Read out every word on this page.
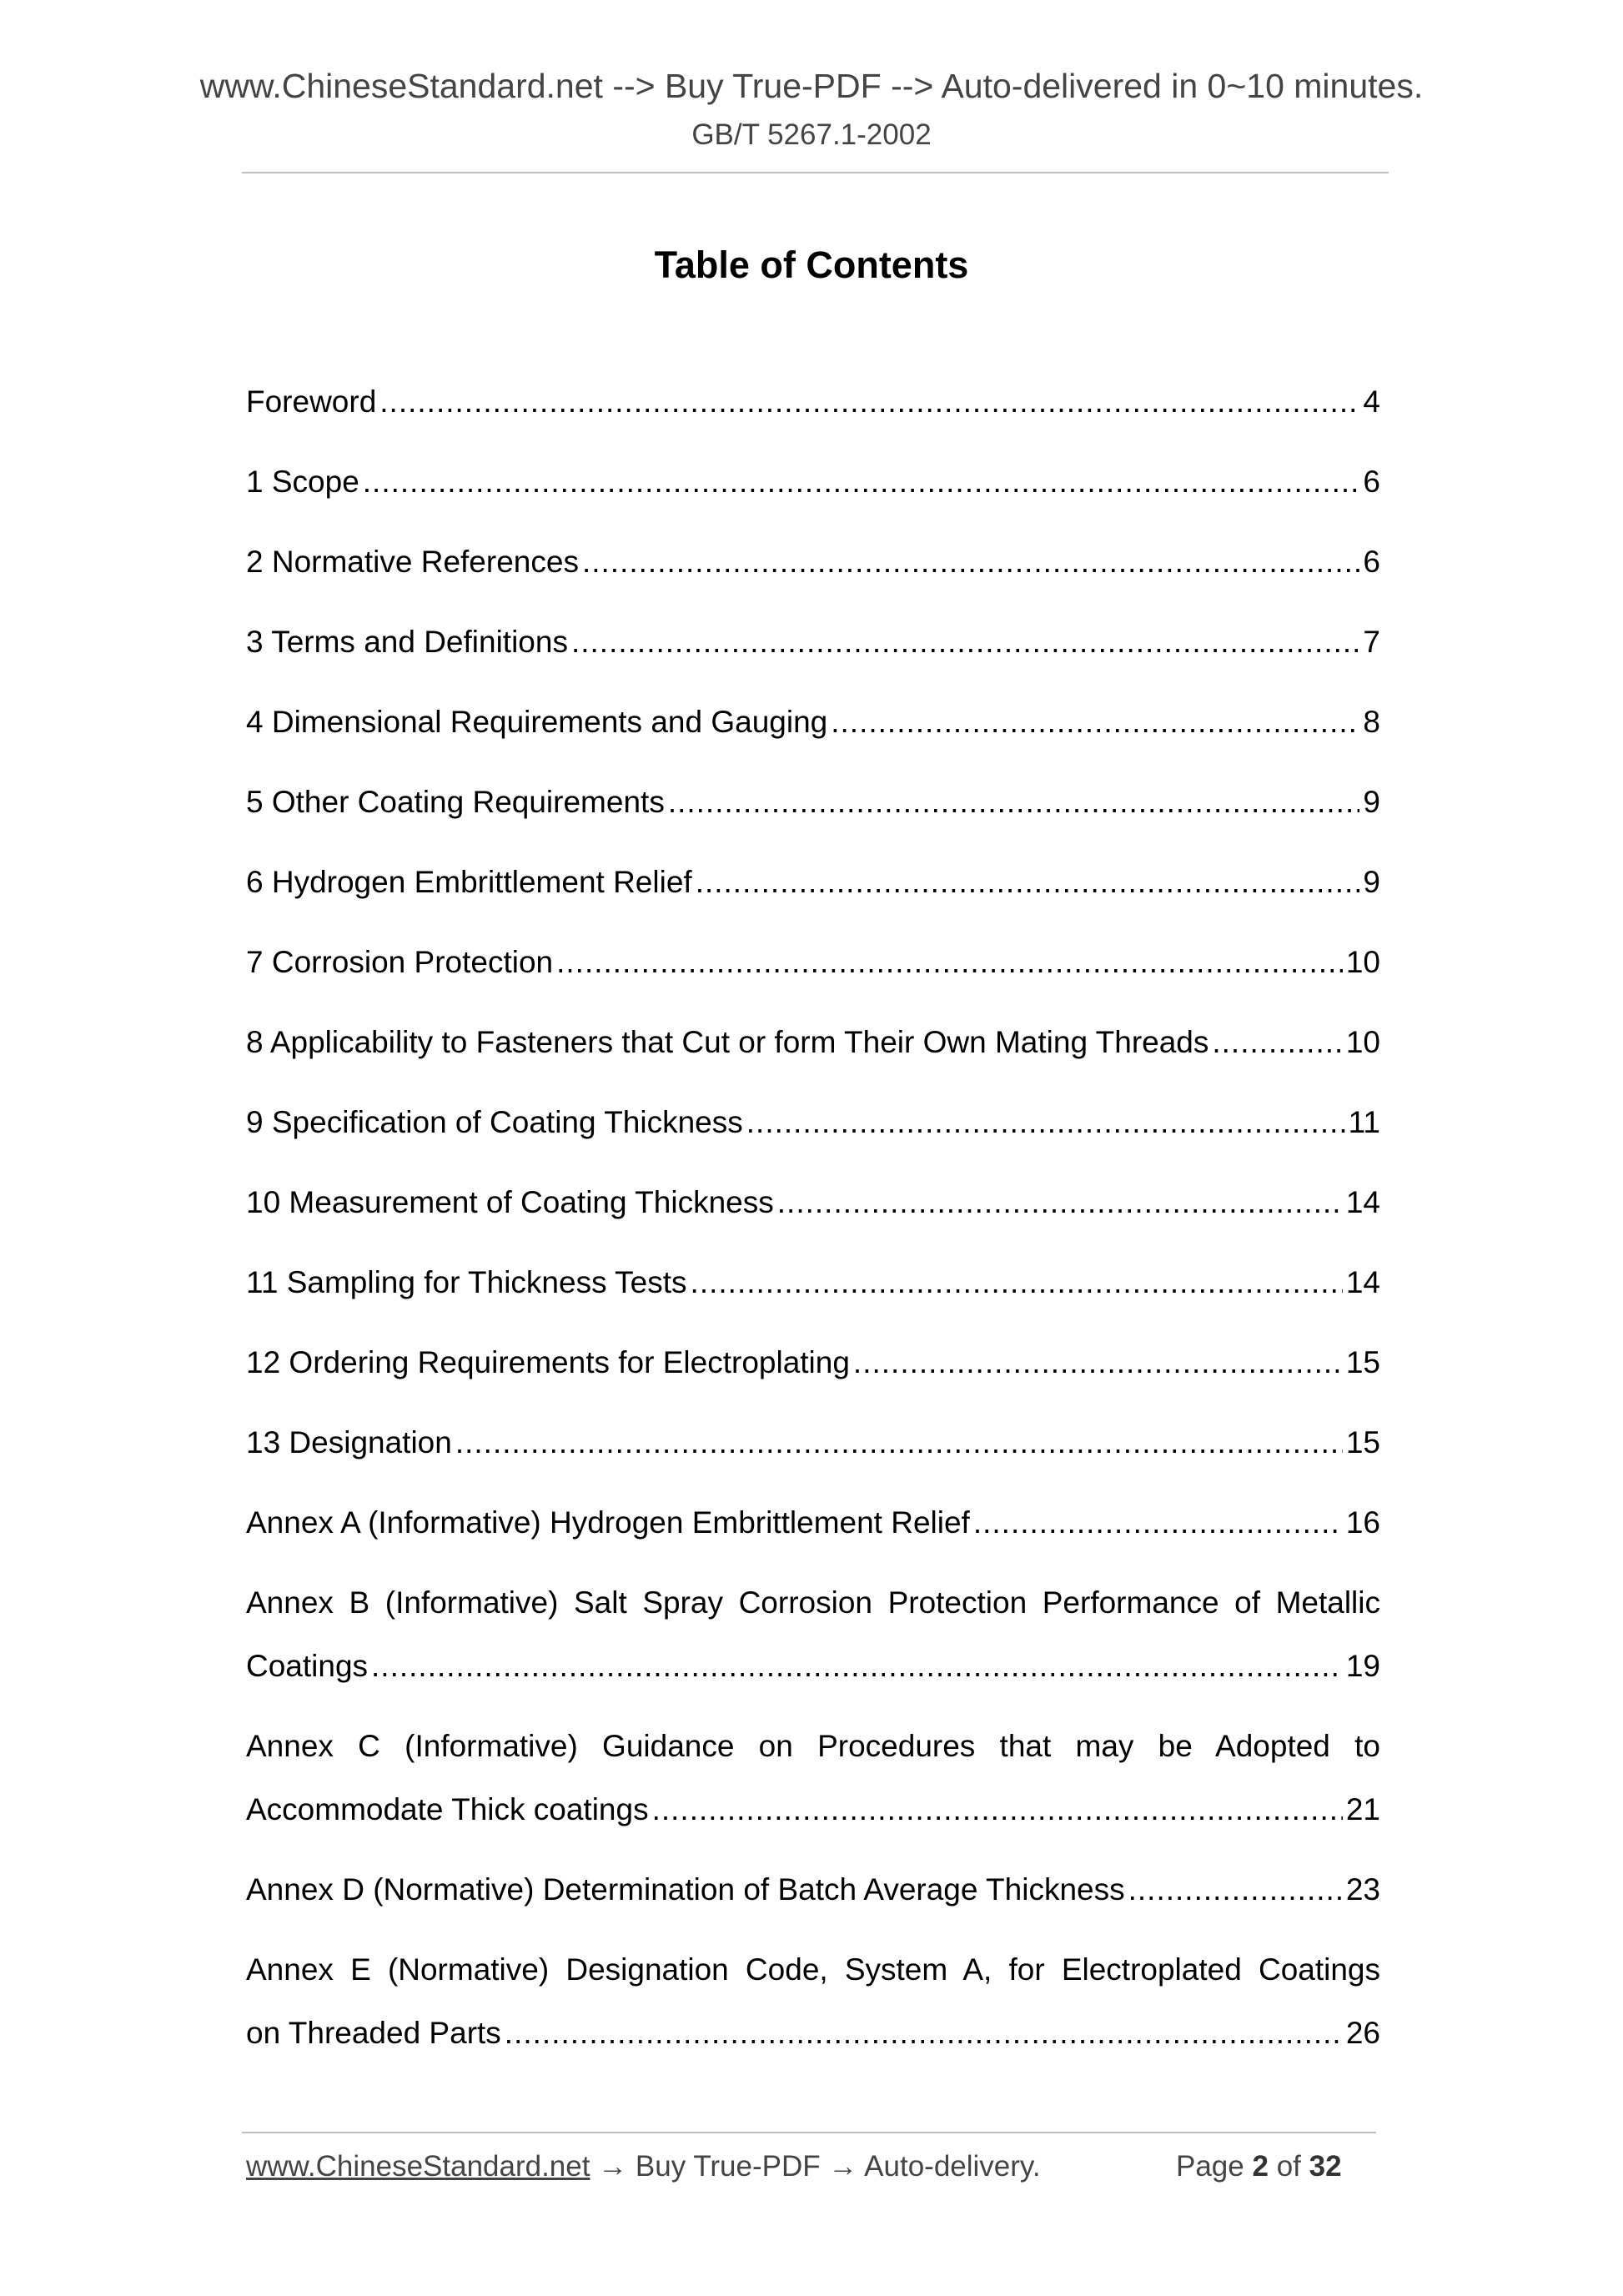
www.ChineseStandard.net --> Buy True-PDF --> Auto-delivered in 0~10 minutes.
GB/T 5267.1-2002
Table of Contents
Foreword .....	4
1 Scope .....	6
2 Normative References .....	6
3 Terms and Definitions .....	7
4 Dimensional Requirements and Gauging .....	8
5 Other Coating Requirements .....	9
6 Hydrogen Embrittlement Relief .....	9
7 Corrosion Protection .....	10
8 Applicability to Fasteners that Cut or form Their Own Mating Threads .....	10
9 Specification of Coating Thickness .....	11
10 Measurement of Coating Thickness .....	14
11 Sampling for Thickness Tests .....	14
12 Ordering Requirements for Electroplating .....	15
13 Designation .....	15
Annex A (Informative) Hydrogen Embrittlement Relief .....	16
Annex B (Informative) Salt Spray Corrosion Protection Performance of Metallic
Coatings .....	19
Annex C (Informative) Guidance on Procedures that may be Adopted to
Accommodate Thick coatings .....	21
Annex D (Normative) Determination of Batch Average Thickness .....	23
Annex E (Normative) Designation Code, System A, for Electroplated Coatings
on Threaded Parts .....	26
www.ChineseStandard.net → Buy True-PDF → Auto-delivery.	Page 2 of 32
